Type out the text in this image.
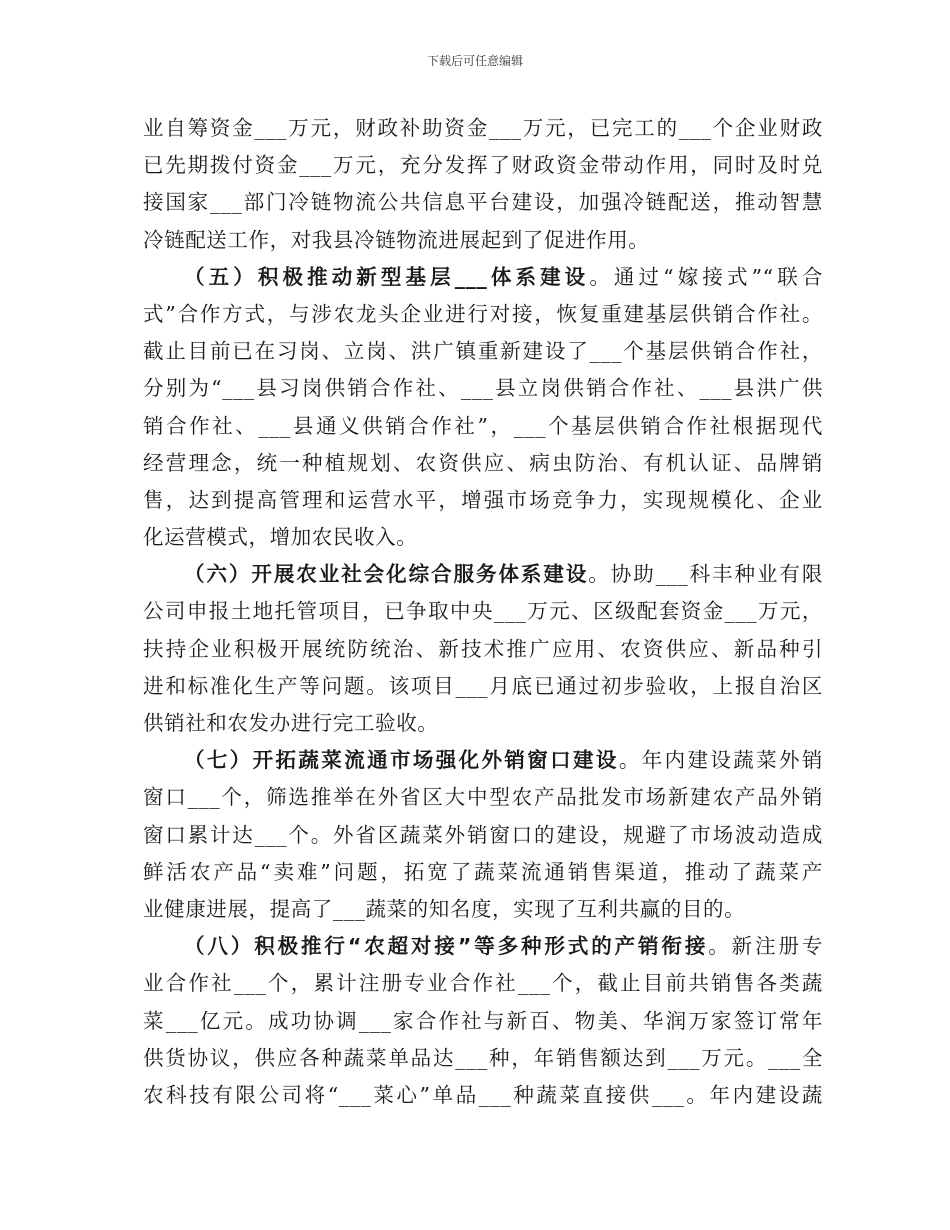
下载后可任意编辑
业自筹资金___万元，财政补助资金___万元，已完工的___个企业财政
已先期拨付资金___万元，充分发挥了财政资金带动作用，同时及时兑
接国家___部门冷链物流公共信息平台建设，加强冷链配送，推动智慧
冷链配送工作，对我县冷链物流进展起到了促进作用。
（五）积极推动新型基层___体系建设。通过“嫁接式”“联合
式”合作方式，与涉农龙头企业进行对接，恢复重建基层供销合作社。
截止目前已在习岗、立岗、洪广镇重新建设了___个基层供销合作社，
分别为“___县习岗供销合作社、___县立岗供销合作社、___县洪广供
销合作社、___县通义供销合作社”，___个基层供销合作社根据现代
经营理念，统一种植规划、农资供应、病虫防治、有机认证、品牌销
售，达到提高管理和运营水平，增强市场竞争力，实现规模化、企业
化运营模式，增加农民收入。
（六）开展农业社会化综合服务体系建设。协助___科丰种业有限
公司申报土地托管项目，已争取中央___万元、区级配套资金___万元，
扶持企业积极开展统防统治、新技术推广应用、农资供应、新品种引
进和标准化生产等问题。该项目___月底已通过初步验收，上报自治区
供销社和农发办进行完工验收。
（七）开拓蔬菜流通市场强化外销窗口建设。年内建设蔬菜外销
窗口___个，筛选推举在外省区大中型农产品批发市场新建农产品外销
窗口累计达___个。外省区蔬菜外销窗口的建设，规避了市场波动造成
鲜活农产品“卖难”问题，拓宽了蔬菜流通销售渠道，推动了蔬菜产
业健康进展，提高了___蔬菜的知名度，实现了互利共赢的目的。
（八）积极推行“农超对接”等多种形式的产销衔接。新注册专
业合作社___个，累计注册专业合作社___个，截止目前共销售各类蔬
菜___亿元。成功协调___家合作社与新百、物美、华润万家签订常年
供货协议，供应各种蔬菜单品达___种，年销售额达到___万元。___全
农科技有限公司将“___菜心”单品___种蔬菜直接供___。年内建设蔬
